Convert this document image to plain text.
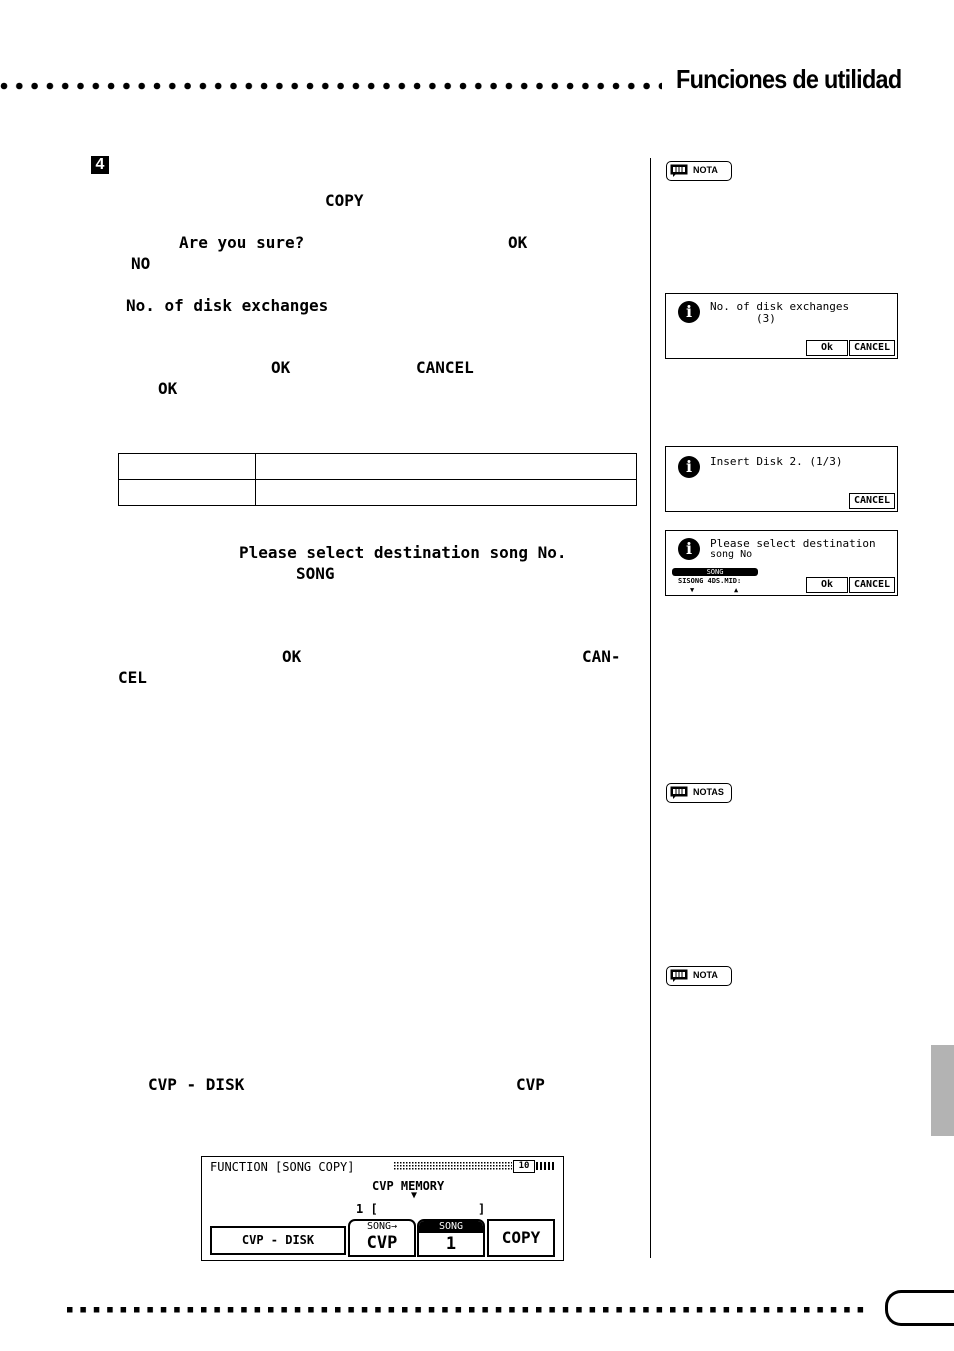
Funciones de utilidad
4
COPY
Are you sure?	OK
NO
No. of disk exchanges
OK	CANCEL
OK

Please select destination song No.
SONG
OK	CAN-
CEL
CVP - DISK	CVP
NOTA
NOTAS
NOTA
i	No. of disk exchanges
(3)
Ok	CANCEL
i	Insert Disk 2. (1/3)
CANCEL
i	Please select destination
song No
SONG
SISONG 4DS.MID:
▼	▲	Ok	CANCEL
FUNCTION [SONG COPY]	10
CVP MEMORY
▼
1 [	]
CVP - DISK
SONG→
CVP
SONG
1	COPY
